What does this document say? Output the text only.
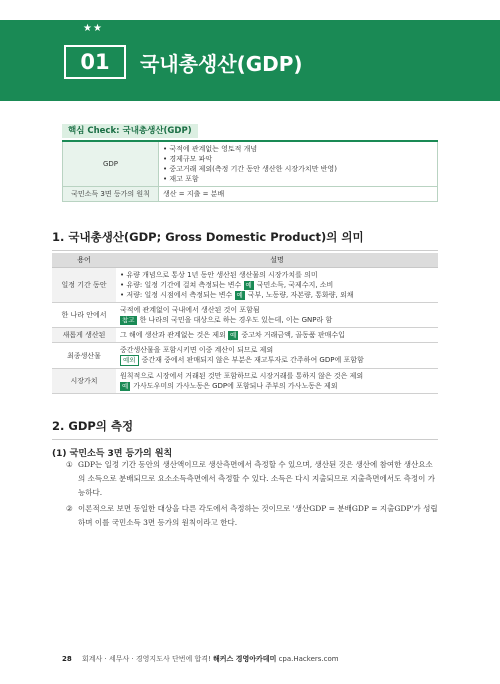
★★
01	국내총생산(GDP)
핵심 Check: 국내총생산(GDP)
GDP	• 국적에 관계없는 영토적 개념
• 경제규모 파악
• 중고거래 제외(측정 기간 동안 생산한 시장가치만 반영)
• 재고 포함

국민소득 3면 등가의 원칙	생산 = 지출 = 분배
1. 국내총생산(GDP; Gross Domestic Product)의 의미
용어	설명
일정 기간 동안	• 유량 개념으로 통상 1년 동안 생산된 생산물의 시장가치를 의미
• 유량: 일정 기간에 걸쳐 측정되는 변수 예 국민소득, 국제수지, 소비
• 저량: 일정 시점에서 측정되는 변수 예 국부, 노동량, 자본량, 통화량, 외채

한 나라 안에서	국적에 관계없이 국내에서 생산된 것이 포함됨
참고 한 나라의 국민을 대상으로 하는 경우도 있는데, 이는 GNP라 함

새롭게 생산된	그 해에 생산과 관계없는 것은 제외 예 중고차 거래금액, 골동품 판매수입

최종생산물	중간생산물을 포함시키면 이중 계산이 되므로 제외
예외 중간재 중에서 판매되지 않은 부분은 재고투자로 간주하여 GDP에 포함함

시장가치	원칙적으로 시장에서 거래된 것만 포함하므로 시장거래를 통하지 않은 것은 제외
예 가사도우미의 가사노동은 GDP에 포함되나 주부의 가사노동은 제외
2. GDP의 측정
(1) 국민소득 3면 등가의 원칙
① GDP는 일정 기간 동안의 생산액이므로 생산측면에서 측정할 수 있으며, 생산된 것은 생산에 참여한 생산요소의 소득으로 분배되므로 요소소득측면에서 측정할 수 있다. 소득은 다시 지출되므로 지출측면에서도 측정이 가능하다.
② 이론적으로 보면 동일한 대상을 다른 각도에서 측정하는 것이므로 '생산GDP = 분배GDP = 지출GDP'가 성립하며 이를 국민소득 3면 등가의 원칙이라고 한다.
28 회계사 · 세무사 · 경영지도사 단번에 합격! 해커스 경영아카데미 cpa.Hackers.com
